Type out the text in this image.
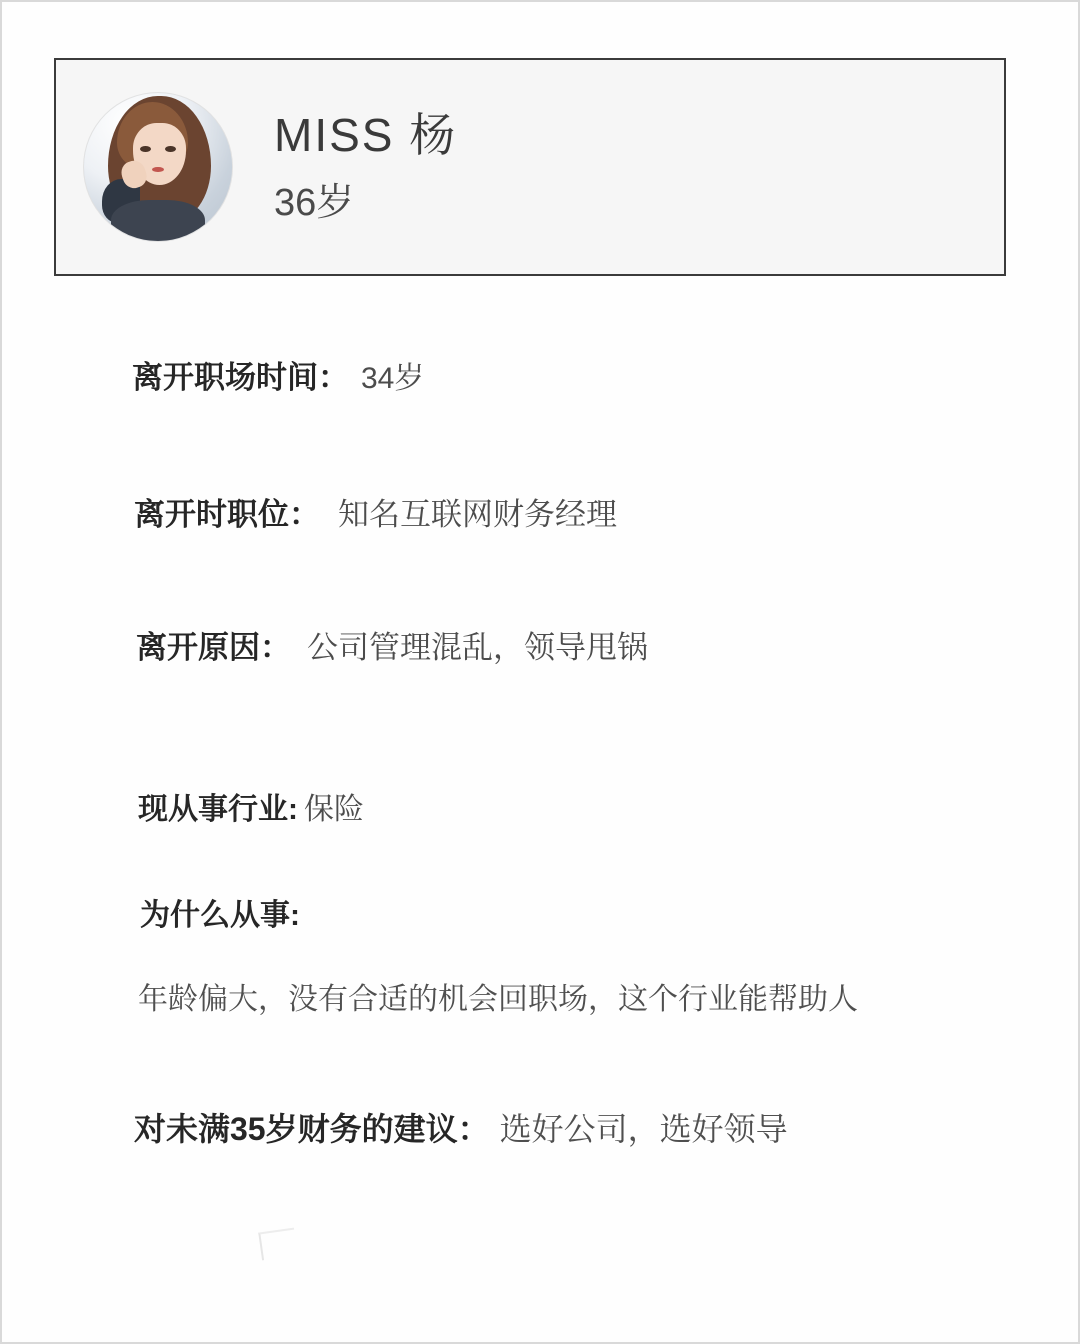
MISS 杨
36岁
离开职场时间： 34岁
离开时职位： 知名互联网财务经理
离开原因： 公司管理混乱，领导甩锅
现从事行业: 保险
为什么从事:
年龄偏大，没有合适的机会回职场，这个行业能帮助人
对未满35岁财务的建议： 选好公司，选好领导
